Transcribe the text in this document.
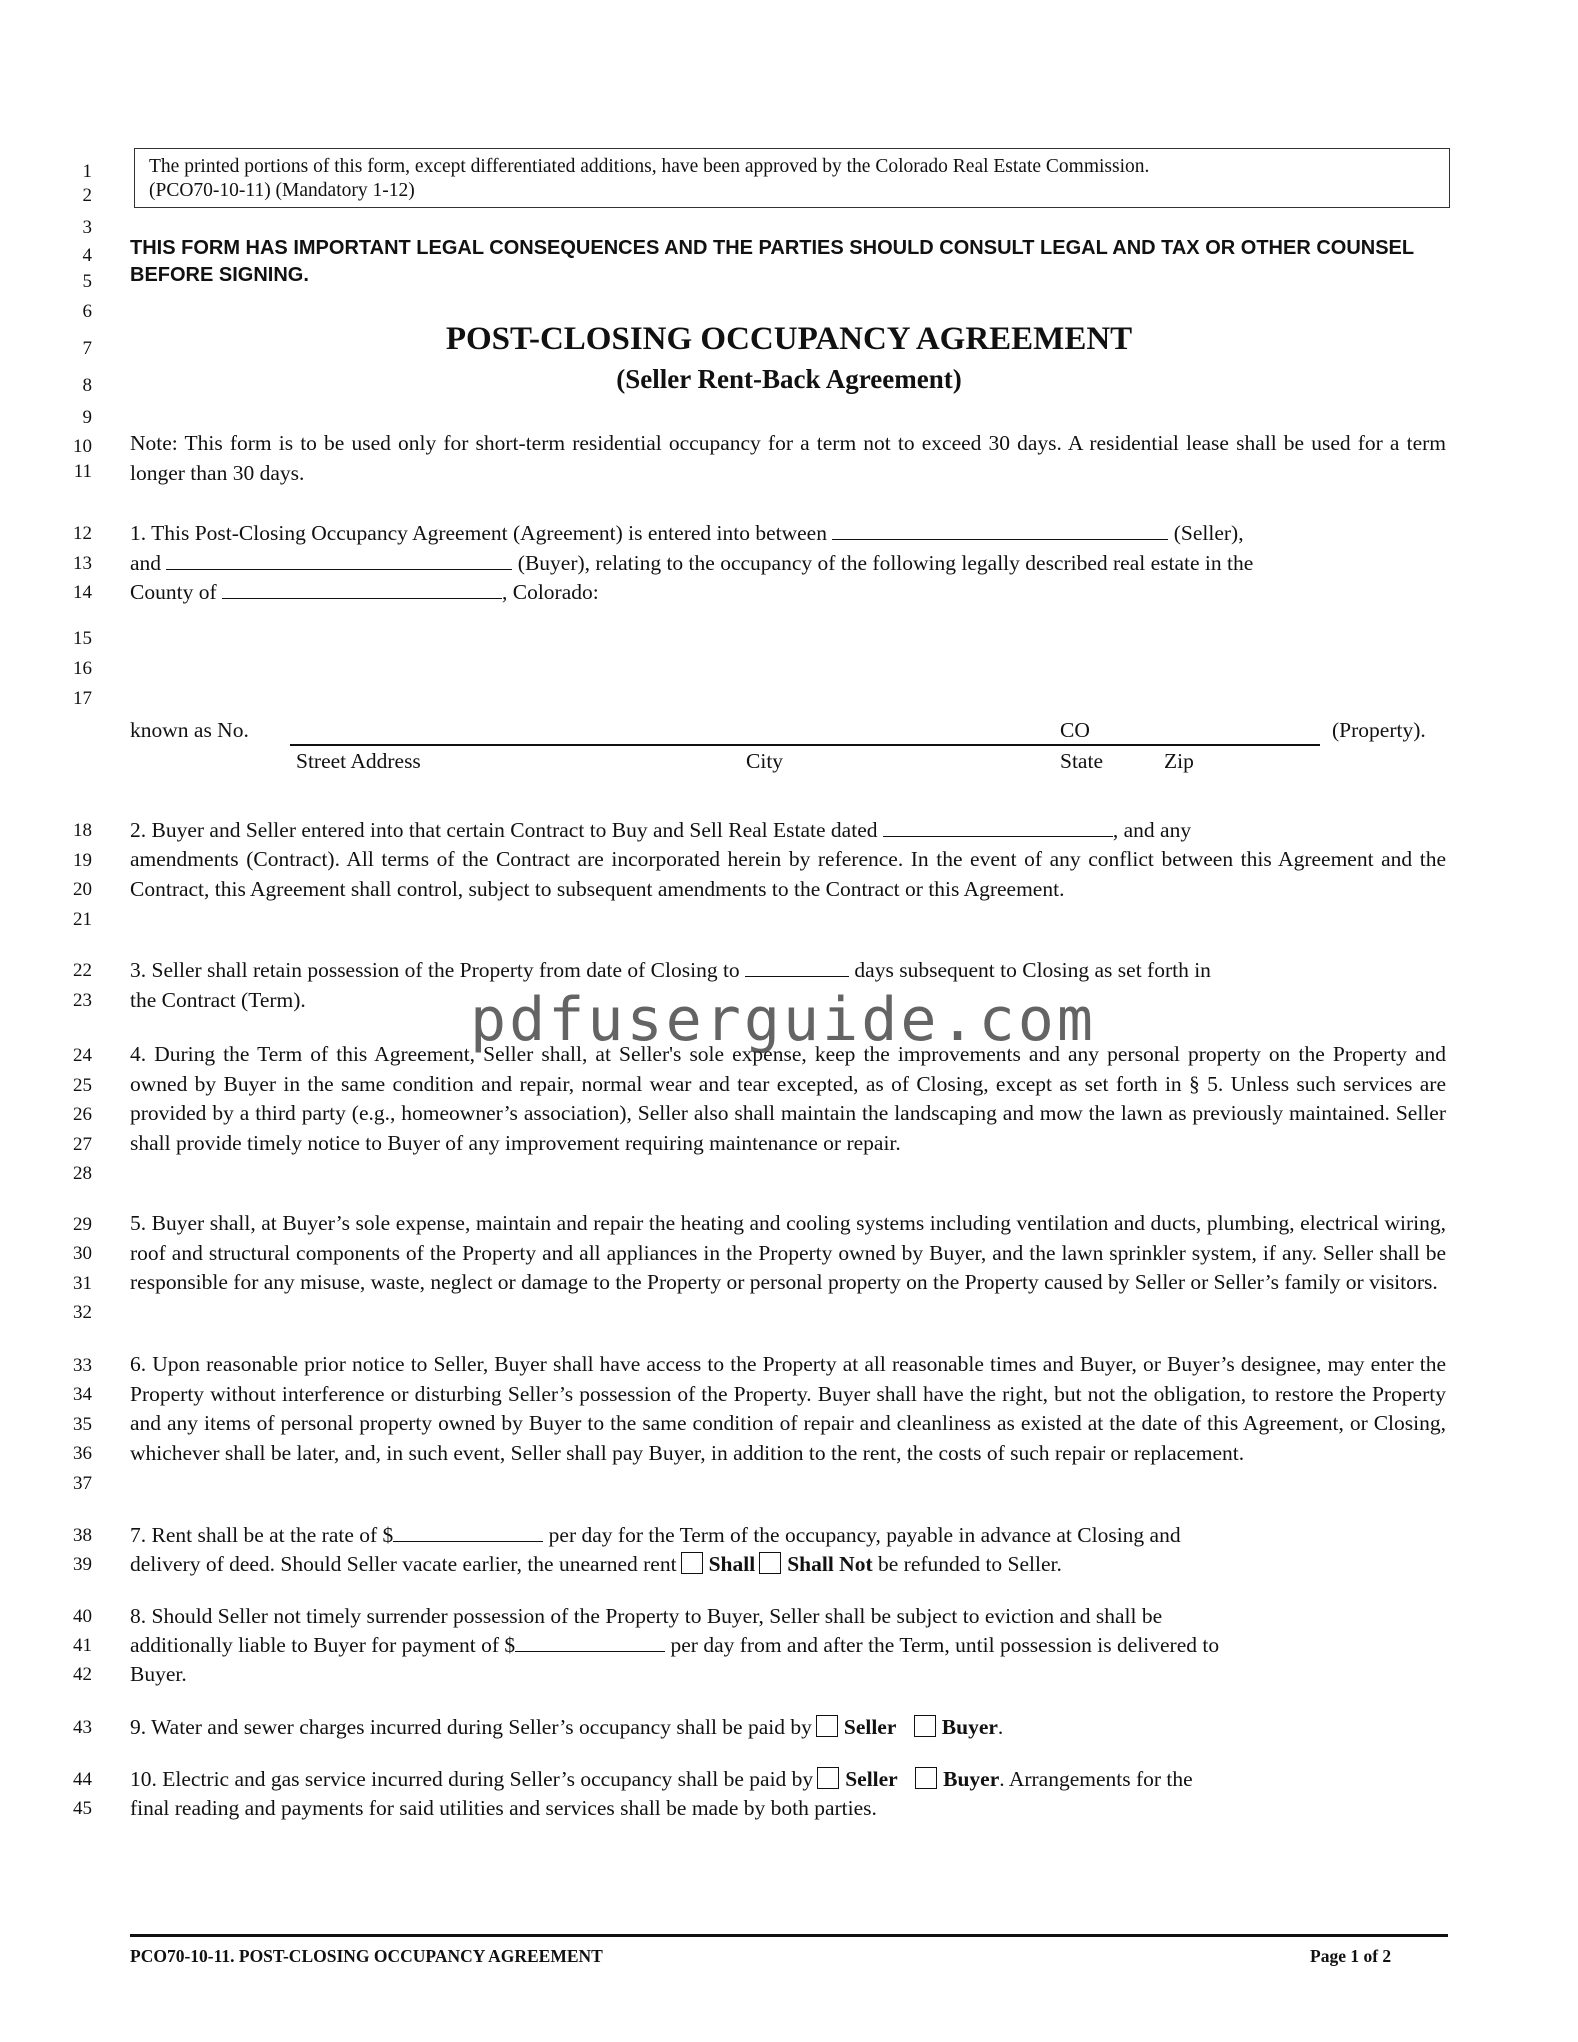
1
2
3
4
5
6
7
8
9
10
11
12
13
14
15
16
17
18
19
20
21
22
23
24
25
26
27
28
29
30
31
32
33
34
35
36
37
38
39
40
41
42
43
44
45
The printed portions of this form, except differentiated additions, have been approved by the Colorado Real Estate Commission.
(PCO70-10-11) (Mandatory 1-12)
THIS FORM HAS IMPORTANT LEGAL CONSEQUENCES AND THE PARTIES SHOULD CONSULT LEGAL AND TAX OR OTHER COUNSEL BEFORE SIGNING.
POST-CLOSING OCCUPANCY AGREEMENT
(Seller Rent-Back Agreement)
Note: This form is to be used only for short-term residential occupancy for a term not to exceed 30 days. A residential lease shall be used for a term longer than 30 days.
1. This Post-Closing Occupancy Agreement (Agreement) is entered into between	(Seller),
and	(Buyer), relating to the occupancy of the following legally described real estate in the
County of	, Colorado:
known as No.	CO	(Property).
Street Address	City	State	Zip
2. Buyer and Seller entered into that certain Contract to Buy and Sell Real Estate dated	, and any
amendments (Contract). All terms of the Contract are incorporated herein by reference. In the event of any conflict between this Agreement and the Contract, this Agreement shall control, subject to subsequent amendments to the Contract or this Agreement.
3. Seller shall retain possession of the Property from date of Closing to	days subsequent to Closing as set forth in
the Contract (Term).
4. During the Term of this Agreement, Seller shall, at Seller's sole expense, keep the improvements and any personal property on the Property and owned by Buyer in the same condition and repair, normal wear and tear excepted, as of Closing, except as set forth in § 5. Unless such services are provided by a third party (e.g., homeowner’s association), Seller also shall maintain the landscaping and mow the lawn as previously maintained. Seller shall provide timely notice to Buyer of any improvement requiring maintenance or repair.
5. Buyer shall, at Buyer’s sole expense, maintain and repair the heating and cooling systems including ventilation and ducts, plumbing, electrical wiring, roof and structural components of the Property and all appliances in the Property owned by Buyer, and the lawn sprinkler system, if any. Seller shall be responsible for any misuse, waste, neglect or damage to the Property or personal property on the Property caused by Seller or Seller’s family or visitors.
6. Upon reasonable prior notice to Seller, Buyer shall have access to the Property at all reasonable times and Buyer, or Buyer’s designee, may enter the Property without interference or disturbing Seller’s possession of the Property. Buyer shall have the right, but not the obligation, to restore the Property and any items of personal property owned by Buyer to the same condition of repair and cleanliness as existed at the date of this Agreement, or Closing, whichever shall be later, and, in such event, Seller shall pay Buyer, in addition to the rent, the costs of such repair or replacement.
7. Rent shall be at the rate of $	per day for the Term of the occupancy, payable in advance at Closing and
delivery of deed. Should Seller vacate earlier, the unearned rent Shall Shall Not be refunded to Seller.
8. Should Seller not timely surrender possession of the Property to Buyer, Seller shall be subject to eviction and shall be
additionally liable to Buyer for payment of $	per day from and after the Term, until possession is delivered to
Buyer.
9. Water and sewer charges incurred during Seller’s occupancy shall be paid by Seller Buyer.
10. Electric and gas service incurred during Seller’s occupancy shall be paid by Seller Buyer. Arrangements for the
final reading and payments for said utilities and services shall be made by both parties.
pdfuserguide.com
PCO70-10-11. POST-CLOSING OCCUPANCY AGREEMENT	Page 1 of 2
